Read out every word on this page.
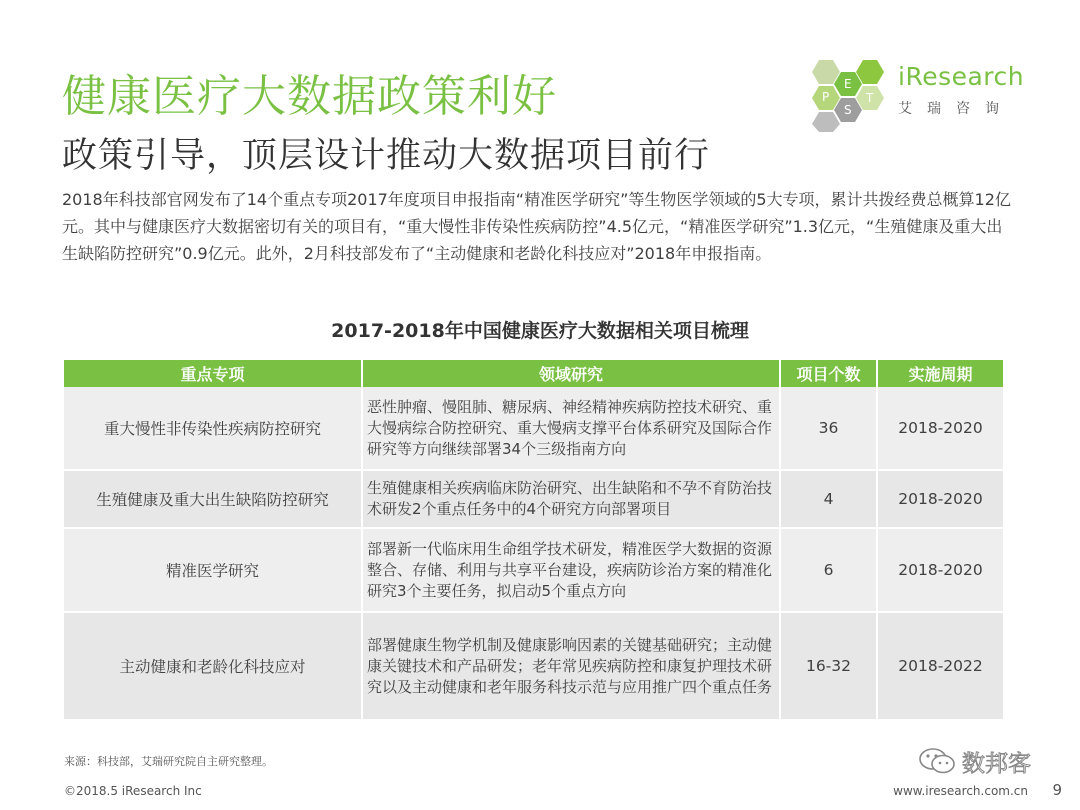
健康医疗大数据政策利好
政策引导，顶层设计推动大数据项目前行
P
E
S
T
iResearch
艾瑞咨询

2018年科技部官网发布了14个重点专项2017年度项目申报指南“精准医学研究”等生物医学领域的5大专项，累计共拨经费总概算12亿元。其中与健康医疗大数据密切有关的项目有，“重大慢性非传染性疾病防控”4.5亿元，“精准医学研究”1.3亿元，“生殖健康及重大出生缺陷防控研究”0.9亿元。此外，2月科技部发布了“主动健康和老龄化科技应对”2018年申报指南。

2017-2018年中国健康医疗大数据相关项目梳理

重点专项	领域研究	项目个数	实施周期
重大慢性非传染性疾病防控研究	恶性肿瘤、慢阻肺、糖尿病、神经精神疾病防控技术研究、重大慢病综合防控研究、重大慢病支撑平台体系研究及国际合作研究等方向继续部署34个三级指南方向	36	2018-2020
生殖健康及重大出生缺陷防控研究	生殖健康相关疾病临床防治研究、出生缺陷和不孕不育防治技术研发2个重点任务中的4个研究方向部署项目	4	2018-2020
精准医学研究	部署新一代临床用生命组学技术研发，精准医学大数据的资源整合、存储、利用与共享平台建设，疾病防诊治方案的精准化研究3个主要任务，拟启动5个重点方向	6	2018-2020
主动健康和老龄化科技应对	部署健康生物学机制及健康影响因素的关键基础研究；主动健康关键技术和产品研发；老年常见疾病防控和康复护理技术研究以及主动健康和老年服务科技示范与应用推广四个重点任务	16-32	2018-2022
来源：科技部，艾瑞研究院自主研究整理。
©2018.5 iResearch Inc
数邦客
www.iresearch.com.cn 9
